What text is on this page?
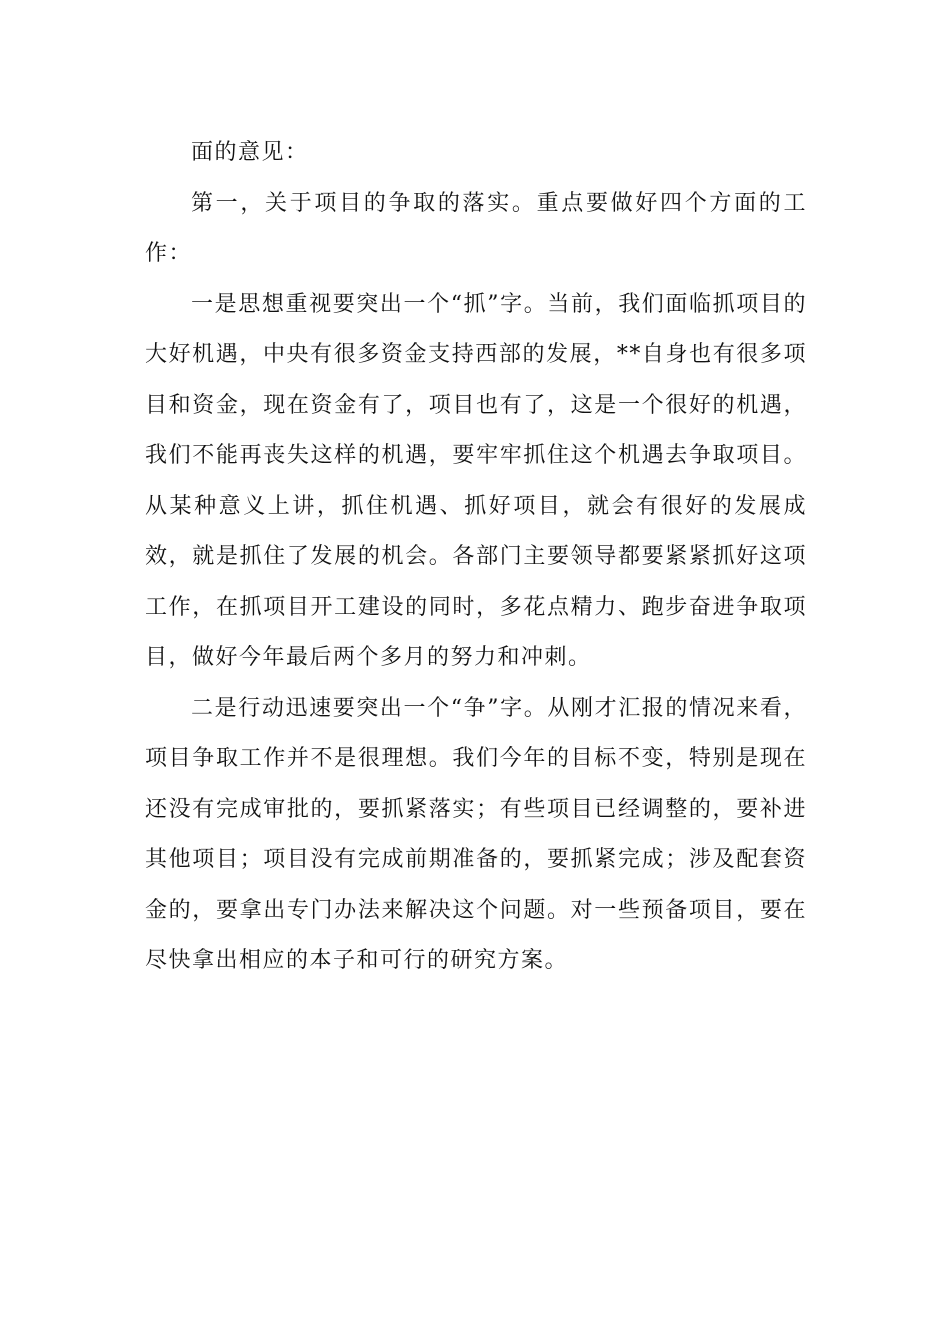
面的意见：

第一，关于项目的争取的落实。重点要做好四个方面的工作：

一是思想重视要突出一个“抓”字。当前，我们面临抓项目的大好机遇，中央有很多资金支持西部的发展，**自身也有很多项目和资金，现在资金有了，项目也有了，这是一个很好的机遇，我们不能再丧失这样的机遇，要牢牢抓住这个机遇去争取项目。从某种意义上讲，抓住机遇、抓好项目，就会有很好的发展成效，就是抓住了发展的机会。各部门主要领导都要紧紧抓好这项工作，在抓项目开工建设的同时，多花点精力、跑步奋进争取项目，做好今年最后两个多月的努力和冲刺。

二是行动迅速要突出一个“争”字。从刚才汇报的情况来看，项目争取工作并不是很理想。我们今年的目标不变，特别是现在还没有完成审批的，要抓紧落实；有些项目已经调整的，要补进其他项目；项目没有完成前期准备的，要抓紧完成；涉及配套资金的，要拿出专门办法来解决这个问题。对一些预备项目，要在尽快拿出相应的本子和可行的研究方案。
